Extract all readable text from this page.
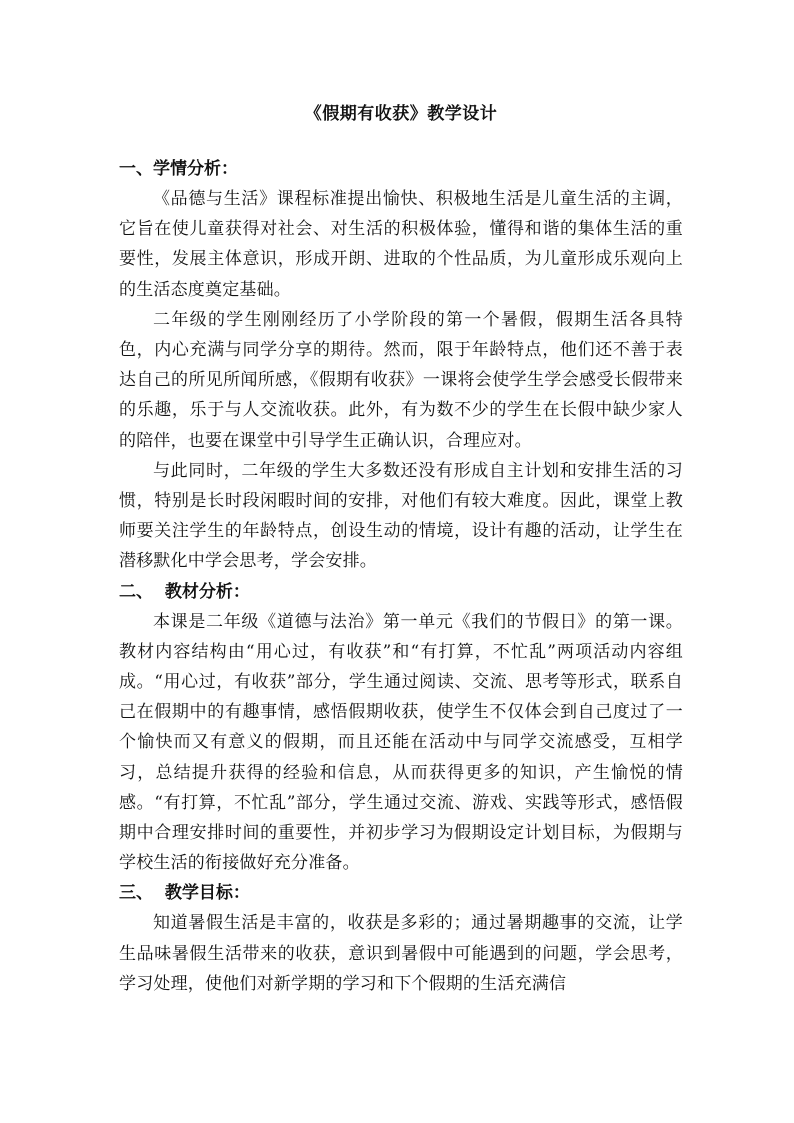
《假期有收获》教学设计
一、学情分析：

《品德与生活》课程标准提出愉快、积极地生活是儿童生活的主调，它旨在使儿童获得对社会、对生活的积极体验，懂得和谐的集体生活的重要性，发展主体意识，形成开朗、进取的个性品质，为儿童形成乐观向上的生活态度奠定基础。

二年级的学生刚刚经历了小学阶段的第一个暑假，假期生活各具特色，内心充满与同学分享的期待。然而，限于年龄特点，他们还不善于表达自己的所见所闻所感，《假期有收获》一课将会使学生学会感受长假带来的乐趣，乐于与人交流收获。此外，有为数不少的学生在长假中缺少家人的陪伴，也要在课堂中引导学生正确认识，合理应对。

与此同时，二年级的学生大多数还没有形成自主计划和安排生活的习惯，特别是长时段闲暇时间的安排，对他们有较大难度。因此，课堂上教师要关注学生的年龄特点，创设生动的情境，设计有趣的活动，让学生在潜移默化中学会思考，学会安排。

二、  教材分析：

本课是二年级《道德与法治》第一单元《我们的节假日》的第一课。教材内容结构由“用心过，有收获”和“有打算，不忙乱”两项活动内容组成。“用心过，有收获”部分，学生通过阅读、交流、思考等形式，联系自己在假期中的有趣事情，感悟假期收获，使学生不仅体会到自己度过了一个愉快而又有意义的假期，而且还能在活动中与同学交流感受，互相学习，总结提升获得的经验和信息，从而获得更多的知识，产生愉悦的情感。“有打算，不忙乱”部分，学生通过交流、游戏、实践等形式，感悟假期中合理安排时间的重要性，并初步学习为假期设定计划目标，为假期与学校生活的衔接做好充分准备。

三、  教学目标：

知道暑假生活是丰富的，收获是多彩的；通过暑期趣事的交流，让学生品味暑假生活带来的收获，意识到暑假中可能遇到的问题，学会思考，学习处理，使他们对新学期的学习和下个假期的生活充满信
